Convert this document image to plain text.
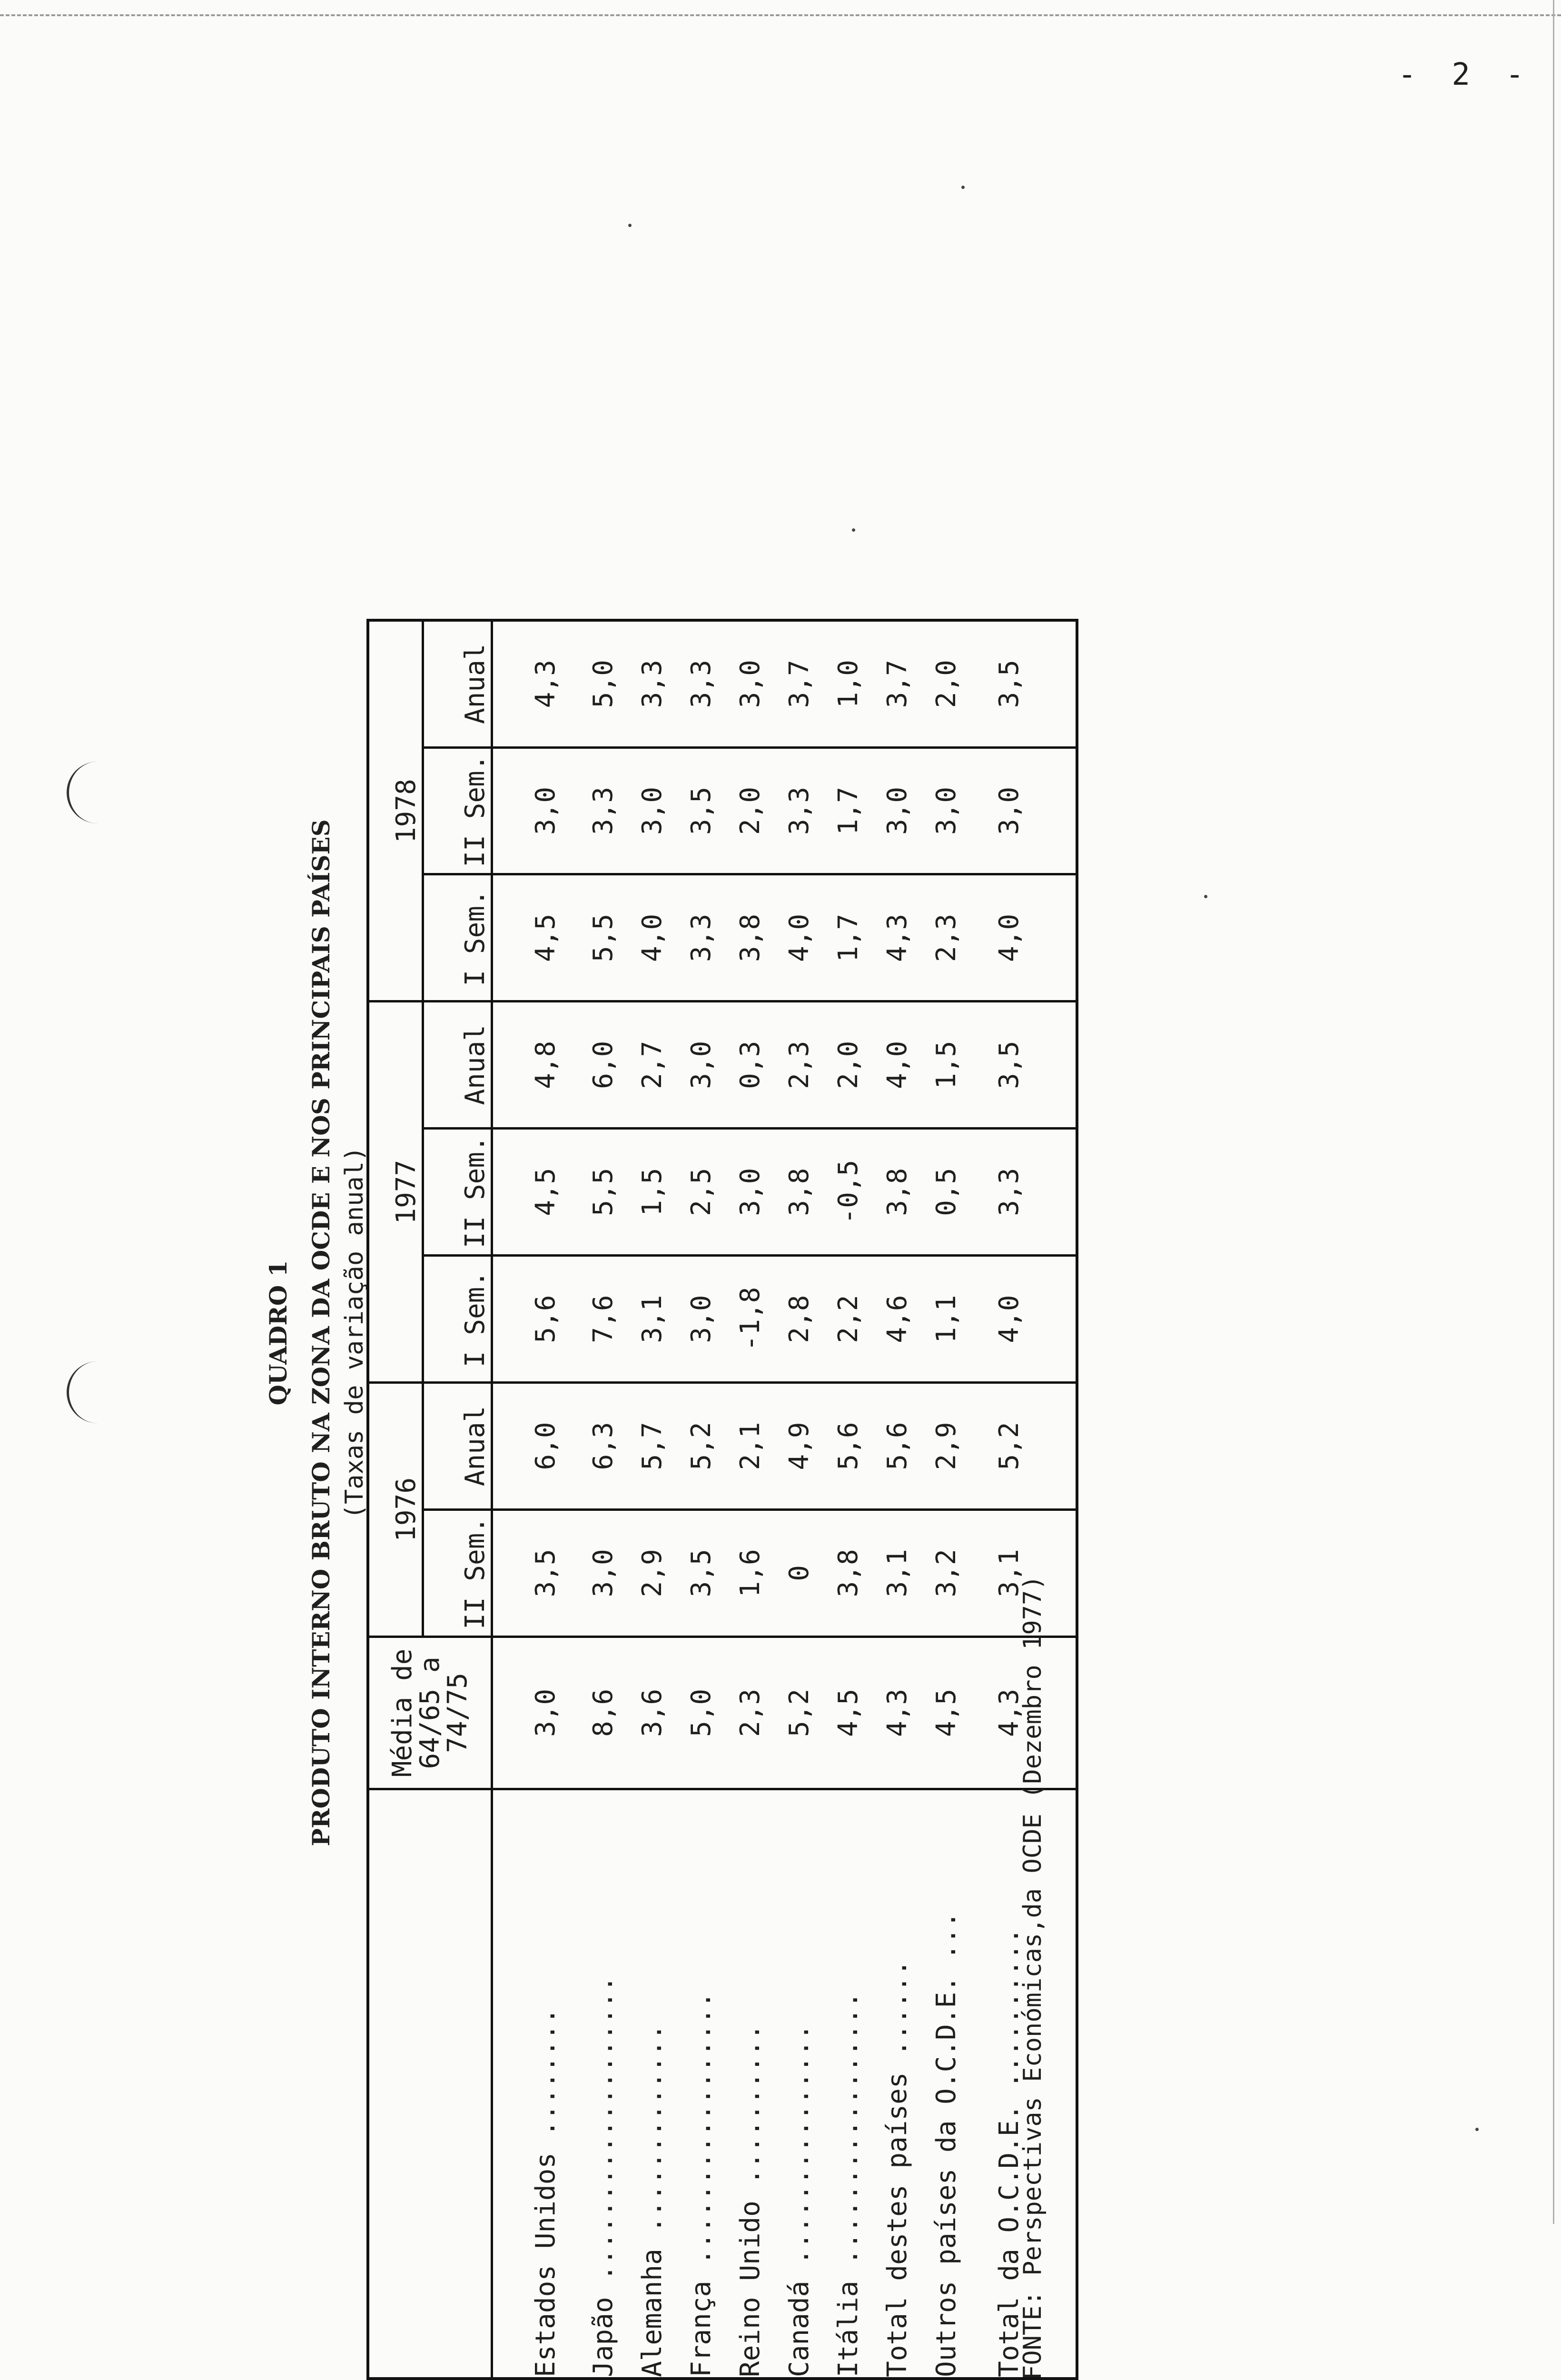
- 2 -
QUADRO 1 PRODUTO INTERNO BRUTO NA ZONA DA OCDE E NOS PRINCIPAIS PAÍSES (Taxas de variação anual)

	Média de
64/65 a
74/75	1976		1977			1978		
		II Sem.	Anual	I Sem.	II Sem.	Anual	I Sem.	II Sem.	Anual
Estados Unidos ........	3,0	3,5	6,0	5,6	4,5	4,8	4,5	3,0	4,3
Japão ...................	8,6	3,0	6,3	7,6	5,5	6,0	5,5	3,3	5,0
Alemanha .............	3,6	2,9	5,7	3,1	1,5	2,7	4,0	3,0	3,3
França .................	5,0	3,5	5,2	3,0	2,5	3,0	3,3	3,5	3,3
Reino Unido ..........	2,3	1,6	2,1	-1,8	3,0	0,3	3,8	2,0	3,0
Canadá ...............	5,2	0	4,9	2,8	3,8	2,3	4,0	3,3	3,7
Itália .................	4,5	3,8	5,6	2,2	-0,5	2,0	1,7	1,7	1,0
Total destes países ......	4,3	3,1	5,6	4,6	3,8	4,0	4,3	3,0	3,7
Outros países da O.C.D.E. ...	4,5	3,2	2,9	1,1	0,5	1,5	2,3	3,0	2,0
Total da O.C.D.E. ..........	4,3	3,1	5,2	4,0	3,3	3,5	4,0	3,0	3,5
FONTE: Perspectivas Económicas,da OCDE (Dezembro 1977)
